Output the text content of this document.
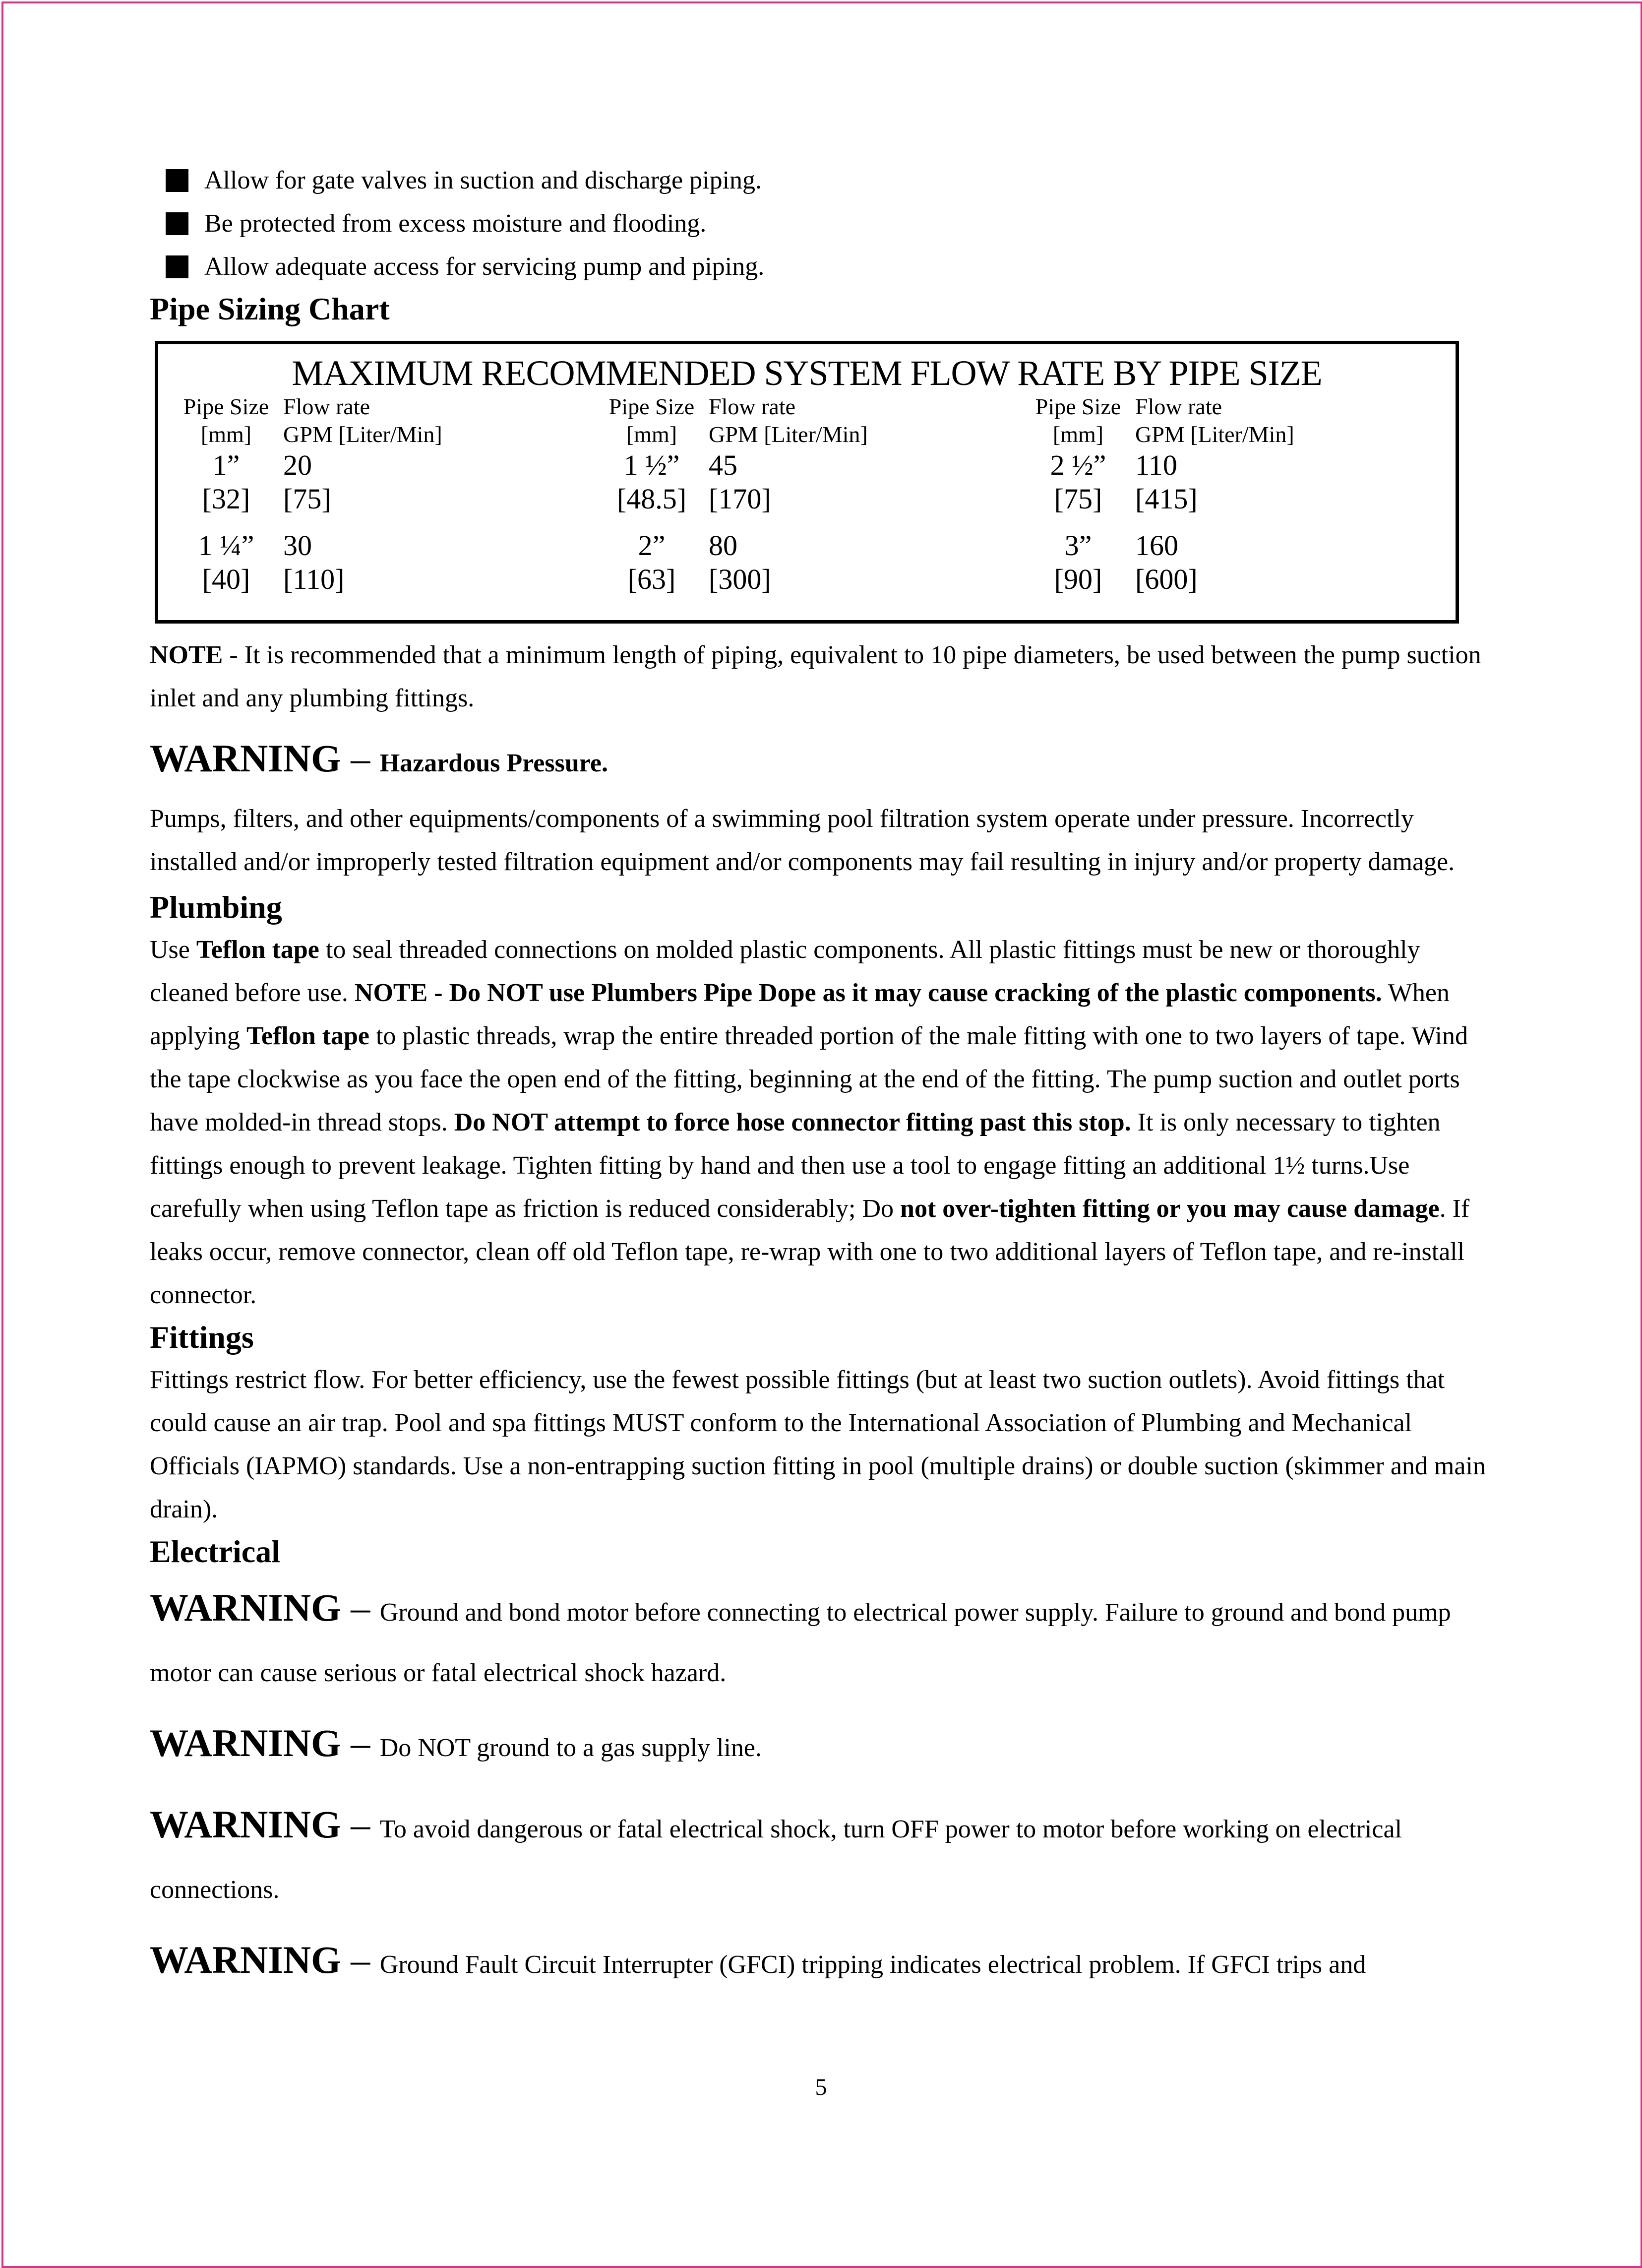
Allow for gate valves in suction and discharge piping.
Be protected from excess moisture and flooding.
Allow adequate access for servicing pump and piping.
Pipe Sizing Chart
MAXIMUM RECOMMENDED SYSTEM FLOW RATE BY PIPE SIZE
Pipe Size Flow rate
[mm]	GPM [Liter/Min]
1”	20
[32]	[75]
1 ¼”	30
[40]	[110]
Pipe Size Flow rate
[mm]	GPM [Liter/Min]
1 ½”	45
[48.5] [170]
2”	80
[63]	[300]
Pipe Size Flow rate
[mm]	GPM [Liter/Min]
2 ½”	110
[75]	[415]
3”	160
[90]	[600]

NOTE - It is recommended that a minimum length of piping, equivalent to 10 pipe diameters, be used between the pump suction inlet and any plumbing fittings.

WARNING – Hazardous Pressure.

Pumps, filters, and other equipments/components of a swimming pool filtration system operate under pressure. Incorrectly installed and/or improperly tested filtration equipment and/or components may fail resulting in injury and/or property damage.

Plumbing

Use Teflon tape to seal threaded connections on molded plastic components. All plastic fittings must be new or thoroughly cleaned before use. NOTE - Do NOT use Plumbers Pipe Dope as it may cause cracking of the plastic components. When applying Teflon tape to plastic threads, wrap the entire threaded portion of the male fitting with one to two layers of tape. Wind the tape clockwise as you face the open end of the fitting, beginning at the end of the fitting. The pump suction and outlet ports have molded-in thread stops. Do NOT attempt to force hose connector fitting past this stop. It is only necessary to tighten fittings enough to prevent leakage. Tighten fitting by hand and then use a tool to engage fitting an additional 1½ turns.Use carefully when using Teflon tape as friction is reduced considerably; Do not over-tighten fitting or you may cause damage. If leaks occur, remove connector, clean off old Teflon tape, re-wrap with one to two additional layers of Teflon tape, and re-install connector.

Fittings

Fittings restrict flow. For better efficiency, use the fewest possible fittings (but at least two suction outlets). Avoid fittings that could cause an air trap. Pool and spa fittings MUST conform to the International Association of Plumbing and Mechanical Officials (IAPMO) standards. Use a non-entrapping suction fitting in pool (multiple drains) or double suction (skimmer and main drain).

Electrical

WARNING – Ground and bond motor before connecting to electrical power supply. Failure to ground and bond pump motor can cause serious or fatal electrical shock hazard.

WARNING – Do NOT ground to a gas supply line.

WARNING – To avoid dangerous or fatal electrical shock, turn OFF power to motor before working on electrical connections.

WARNING – Ground Fault Circuit Interrupter (GFCI) tripping indicates electrical problem. If GFCI trips and

5
